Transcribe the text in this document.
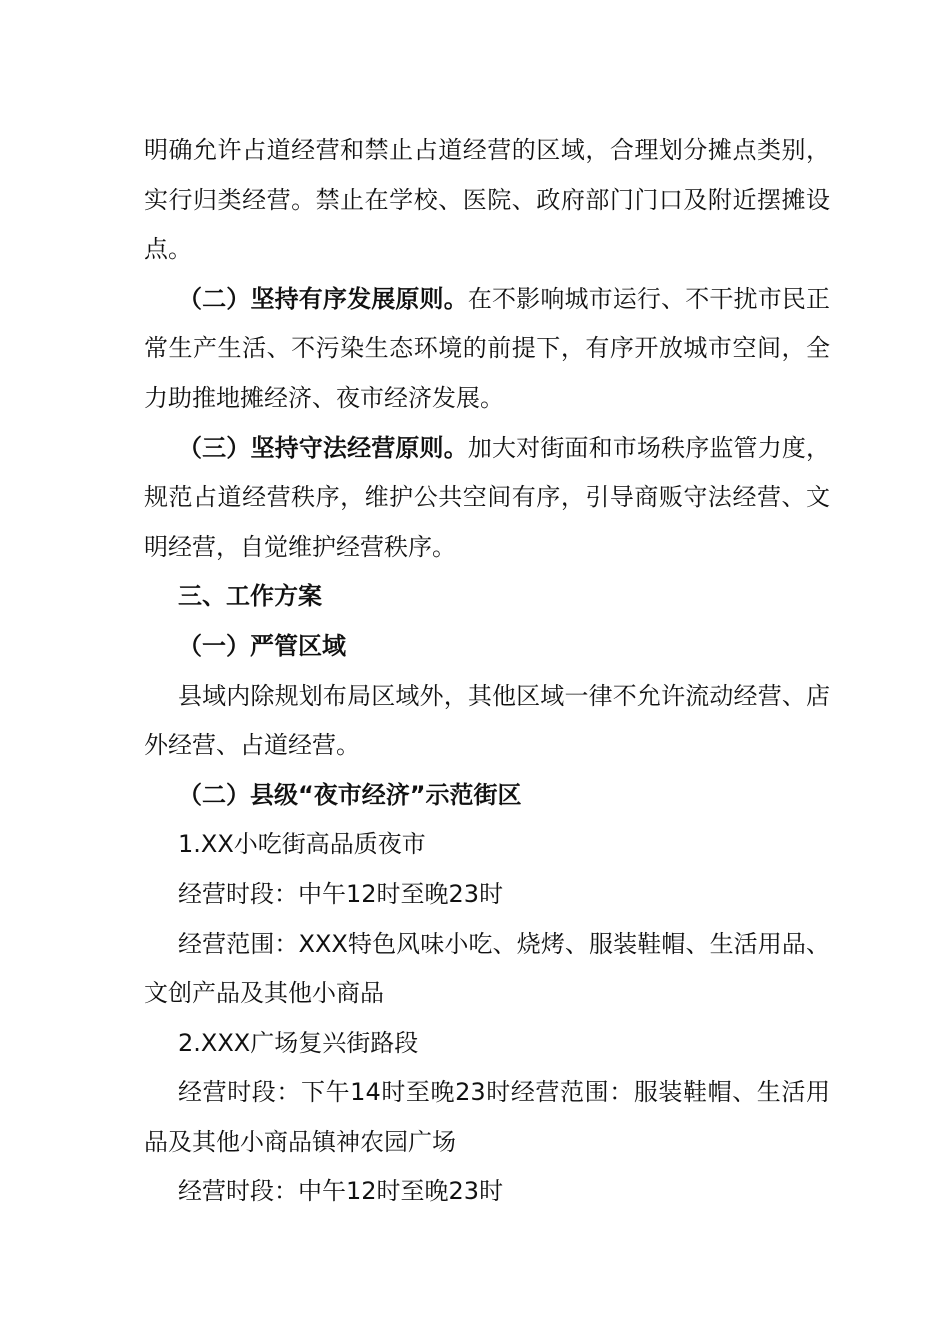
明确允许占道经营和禁止占道经营的区域，合理划分摊点类别，实行归类经营。禁止在学校、医院、政府部门门口及附近摆摊设点。

（二）坚持有序发展原则。在不影响城市运行、不干扰市民正常生产生活、不污染生态环境的前提下，有序开放城市空间，全力助推地摊经济、夜市经济发展。

（三）坚持守法经营原则。加大对街面和市场秩序监管力度，规范占道经营秩序，维护公共空间有序，引导商贩守法经营、文明经营，自觉维护经营秩序。

三、工作方案

（一）严管区域

县域内除规划布局区域外，其他区域一律不允许流动经营、店外经营、占道经营。

（二）县级“夜市经济”示范街区

1.XX小吃街高品质夜市

经营时段：中午12时至晚23时

经营范围：XXX特色风味小吃、烧烤、服装鞋帽、生活用品、文创产品及其他小商品

2.XXX广场复兴街路段

经营时段：下午14时至晚23时经营范围：服装鞋帽、生活用品及其他小商品镇神农园广场

经营时段：中午12时至晚23时
